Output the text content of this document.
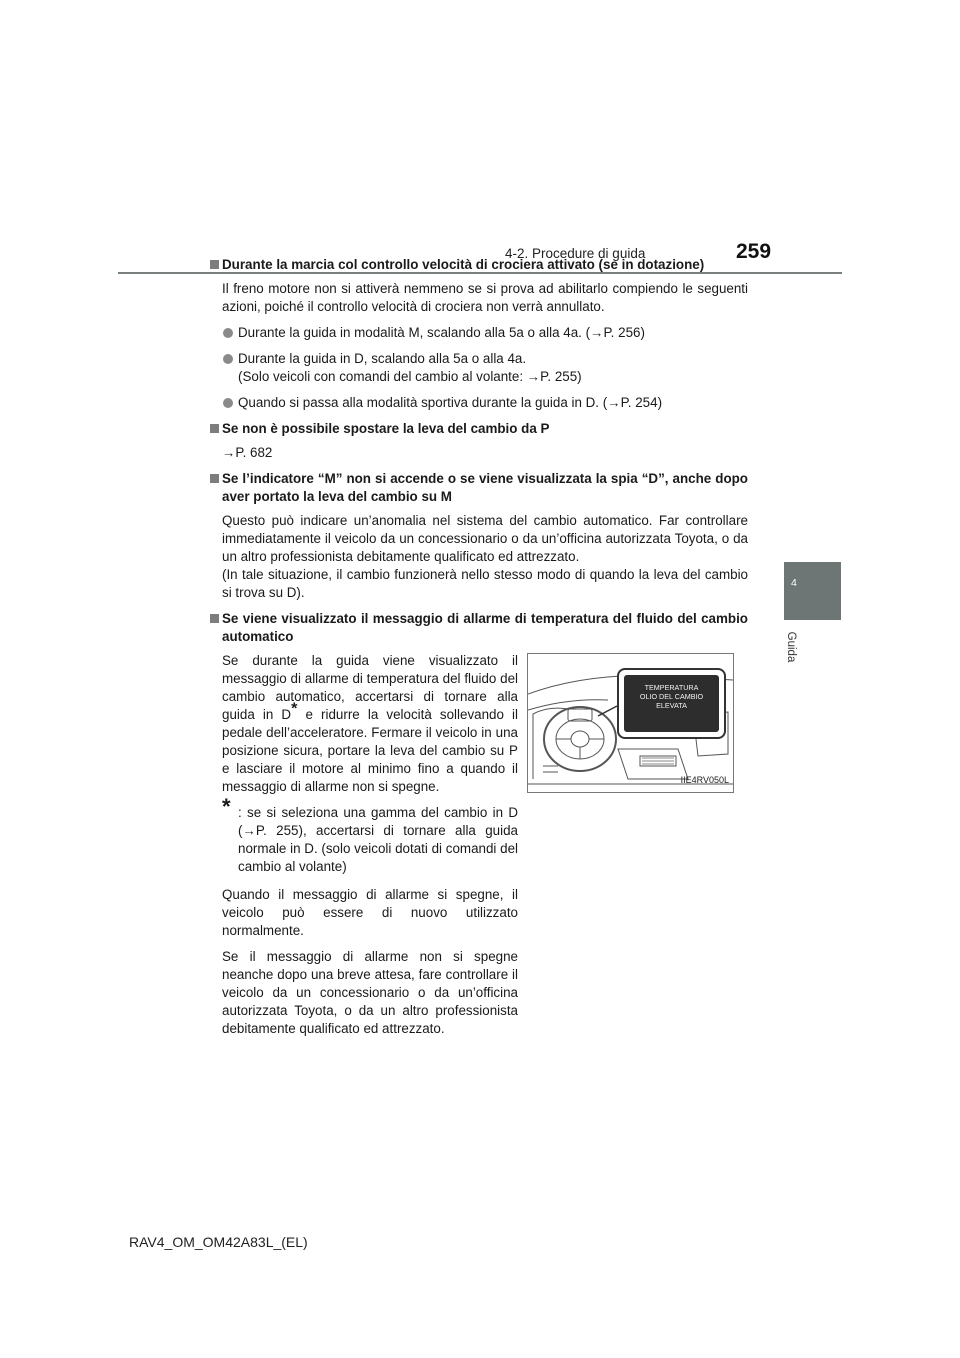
4-2. Procedure di guida	259
4
Guida
Durante la marcia col controllo velocità di crociera attivato (se in dotazione)
Il freno motore non si attiverà nemmeno se si prova ad abilitarlo compiendo le seguenti azioni, poiché il controllo velocità di crociera non verrà annullato.
Durante la guida in modalità M, scalando alla 5a o alla 4a. (→P. 256)
Durante la guida in D, scalando alla 5a o alla 4a.
(Solo veicoli con comandi del cambio al volante: →P. 255)
Quando si passa alla modalità sportiva durante la guida in D. (→P. 254)
Se non è possibile spostare la leva del cambio da P
→P. 682
Se l’indicatore “M” non si accende o se viene visualizzata la spia “D”, anche dopo aver portato la leva del cambio su M
Questo può indicare un’anomalia nel sistema del cambio automatico. Far controllare immediatamente il veicolo da un concessionario o da un’officina autorizzata Toyota, o da un altro professionista debitamente qualificato ed attrezzato.
(In tale situazione, il cambio funzionerà nello stesso modo di quando la leva del cambio si trova su D).
Se viene visualizzato il messaggio di allarme di temperatura del fluido del cambio automatico
Se durante la guida viene visualizzato il messaggio di allarme di temperatura del fluido del cambio automatico, accertarsi di tornare alla guida in D* e ridurre la velocità sollevando il pedale dell’acceleratore. Fermare il veicolo in una posizione sicura, portare la leva del cambio su P e lasciare il motore al minimo fino a quando il messaggio di allarme non si spegne.
* : se si seleziona una gamma del cambio in D (→P. 255), accertarsi di tornare alla guida normale in D. (solo veicoli dotati di comandi del cambio al volante)
Quando il messaggio di allarme si spegne, il veicolo può essere di nuovo utilizzato normalmente.
Se il messaggio di allarme non si spegne neanche dopo una breve attesa, fare controllare il veicolo da un concessionario o da un’officina autorizzata Toyota, o da un altro professionista debitamente qualificato ed attrezzato.
TEMPERATURA
OLIO DEL CAMBIO
ELEVATA
IIE4RV050L
RAV4_OM_OM42A83L_(EL)
